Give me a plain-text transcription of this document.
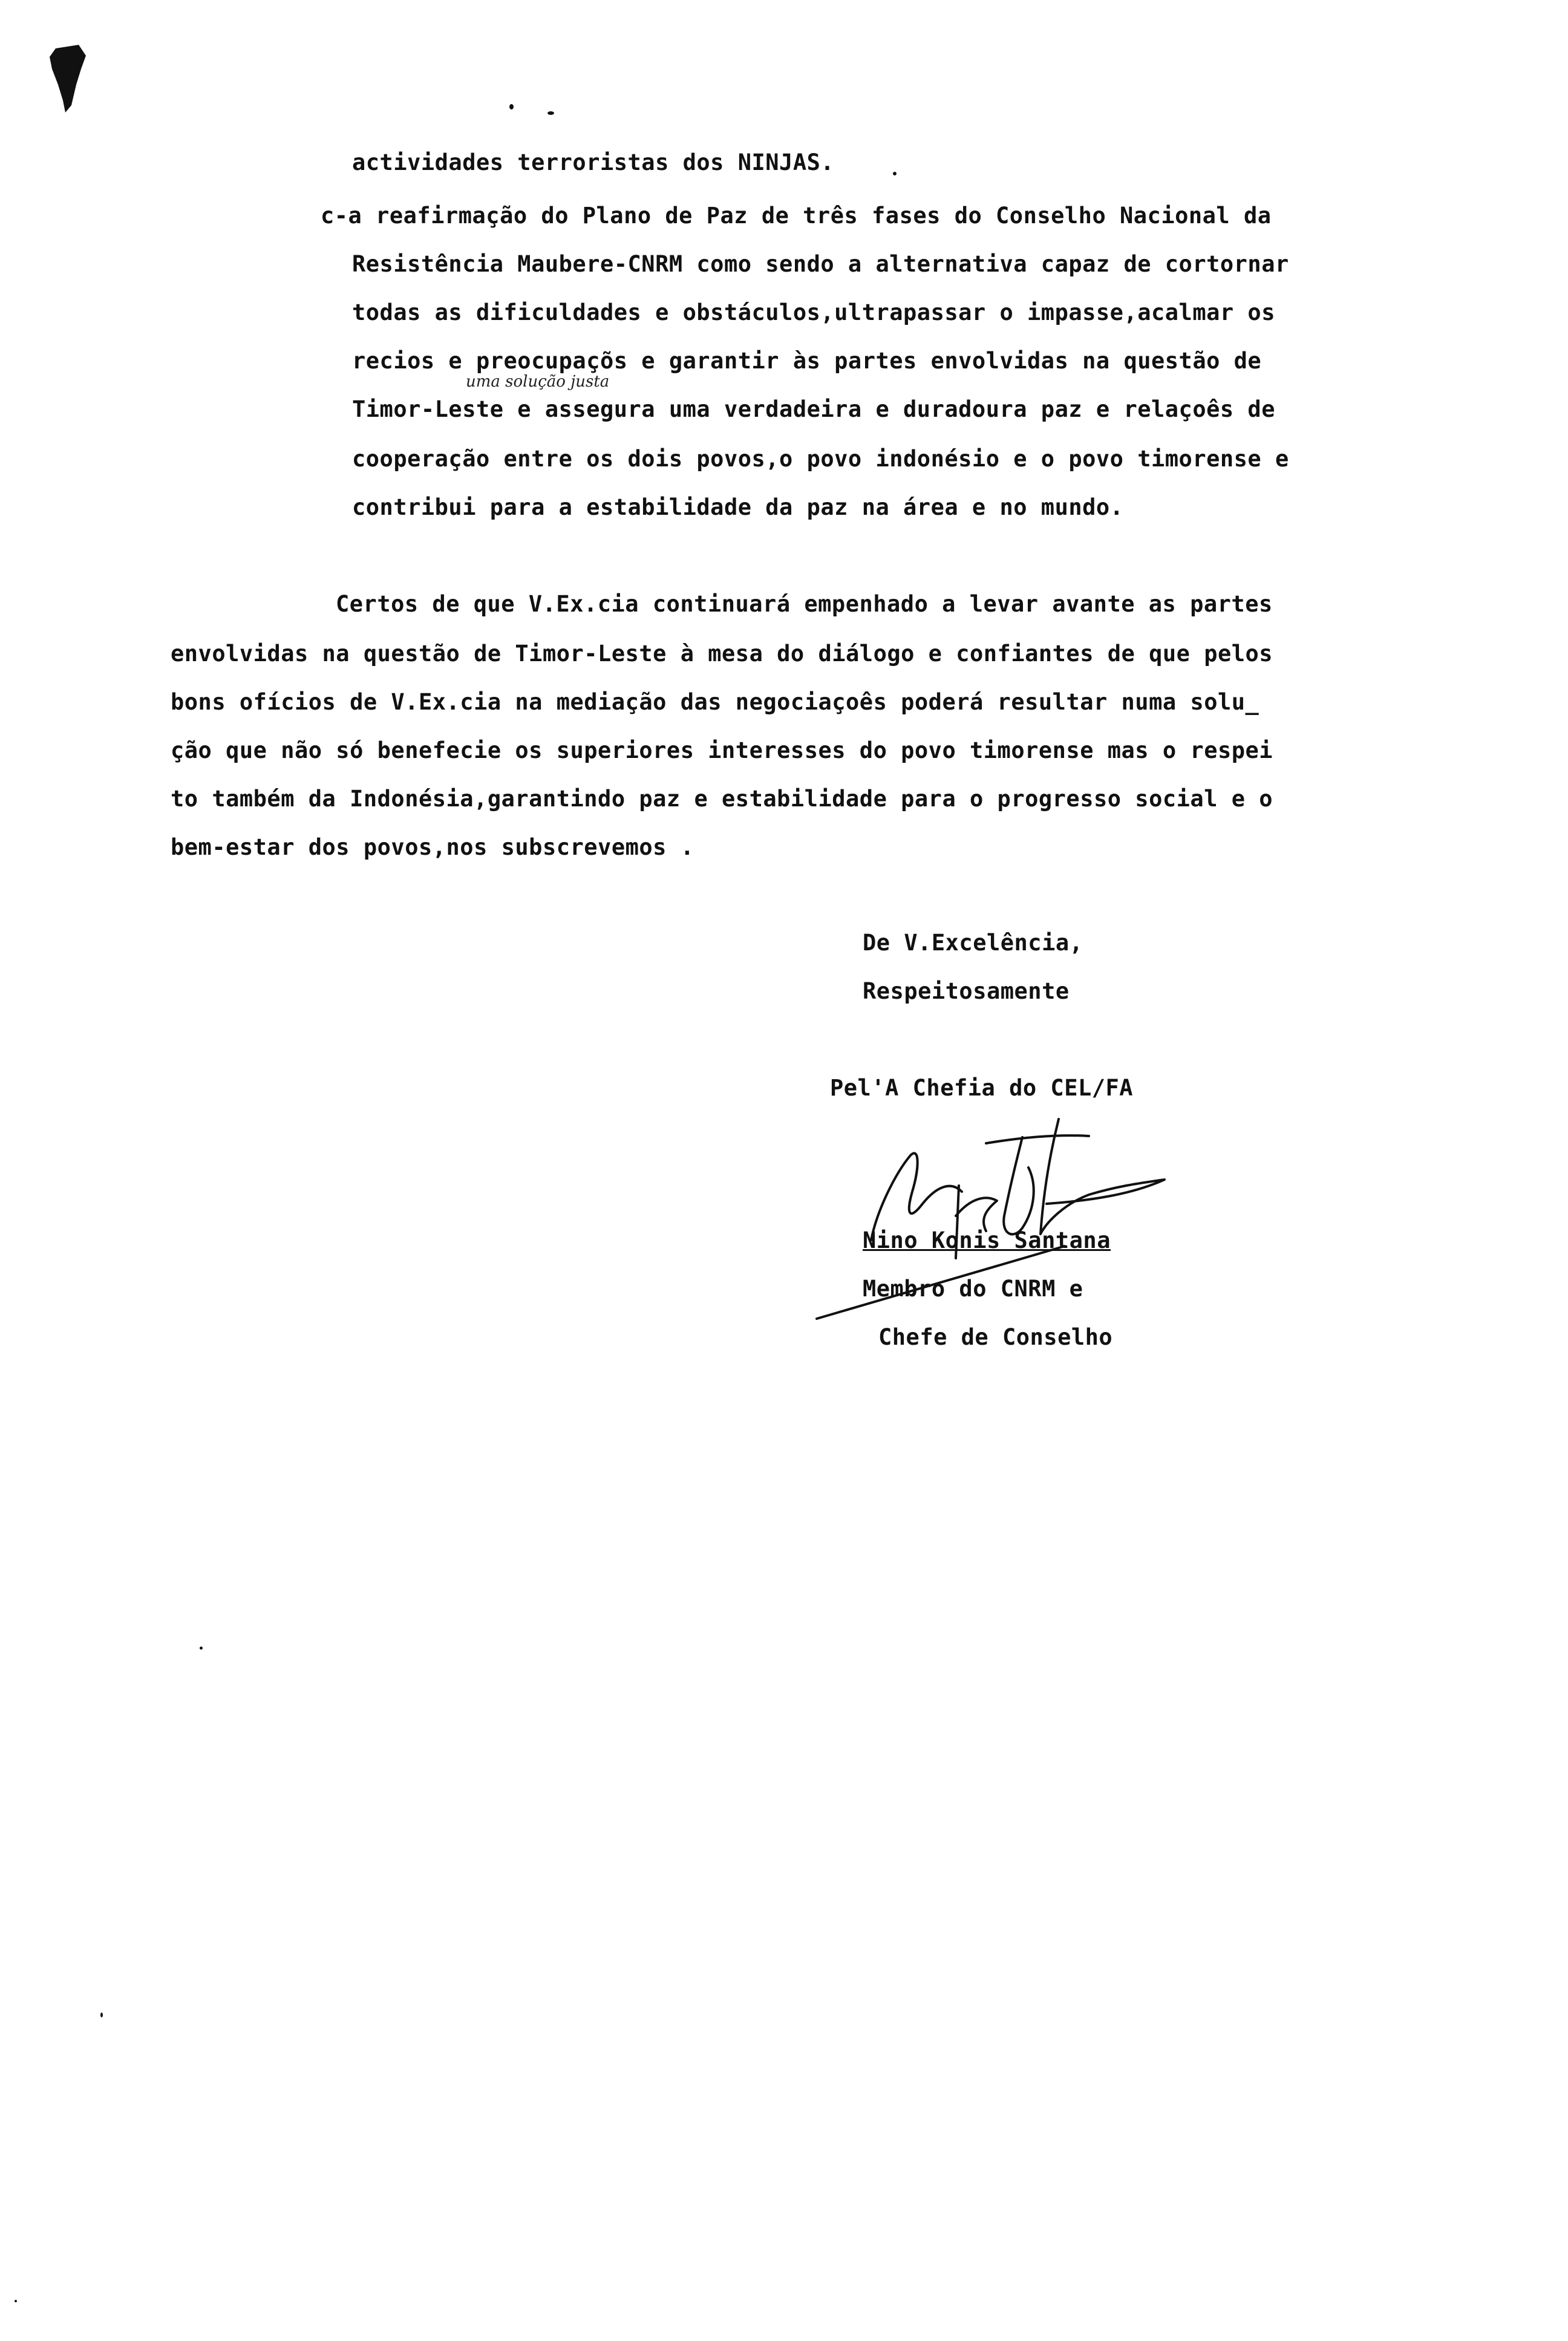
actividades terroristas dos NINJAS.
c-a reafirmação do Plano de Paz de três fases do Conselho Nacional da
Resistência Maubere-CNRM como sendo a alternativa capaz de cortornar
todas as dificuldades e obstáculos,ultrapassar o impasse,acalmar os
recios e preocupaçõs e garantir às partes envolvidas na questão de
uma solução justa
Timor-Leste e assegura uma verdadeira e duradoura paz e relaçoês de
cooperação entre os dois povos,o povo indonésio e o povo timorense e
contribui para a estabilidade da paz na área e no mundo.
Certos de que V.Ex.cia continuará empenhado a levar avante as partes
envolvidas na questão de Timor-Leste à mesa do diálogo e confiantes de que pelos
bons ofícios de V.Ex.cia na mediação das negociaçoês poderá resultar numa solu_
ção que não só benefecie os superiores interesses do povo timorense mas o respei
to também da Indonésia,garantindo paz e estabilidade para o progresso social e o
bem-estar dos povos,nos subscrevemos .
De V.Excelência,
Respeitosamente
Pel'A Chefia do CEL/FA
Nino Konis Santana
Membro do CNRM e
Chefe de Conselho
